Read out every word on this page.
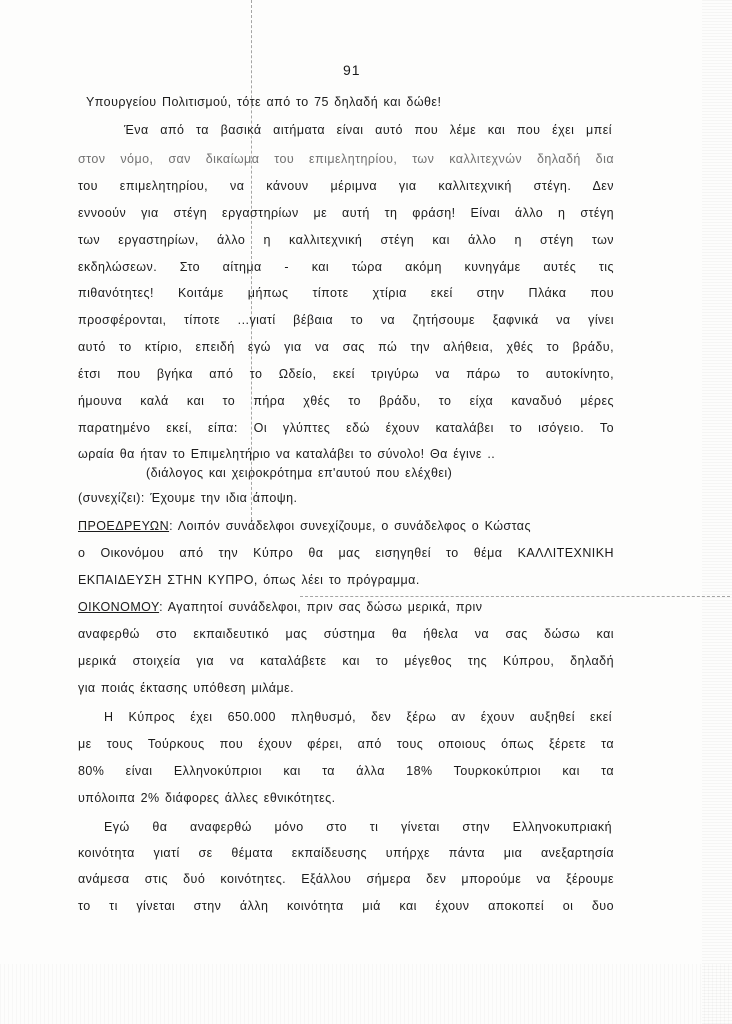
91
Υπουργείου Πολιτισμού, τότε από το 75 δηλαδή και δώθε!
Ένα από τα βασικά αιτήματα είναι αυτό που λέμε και που έχει μπεί
στον νόμο, σαν δικαίωμα του επιμελητηρίου, των καλλιτεχνών δηλαδή δια
του επιμελητηρίου, να κάνουν μέριμνα για καλλιτεχνική στέγη. Δεν
εννοούν για στέγη εργαστηρίων με αυτή τη φράση! Είναι άλλο η στέγη
των εργαστηρίων, άλλο η καλλιτεχνική στέγη και άλλο η στέγη των
εκδηλώσεων. Στο αίτημα - και τώρα ακόμη κυνηγάμε αυτές τις
πιθανότητες! Κοιτάμε μήπως τίποτε χτίρια εκεί στην Πλάκα που
προσφέρονται, τίποτε ...γιατί βέβαια το να ζητήσουμε ξαφνικά να γίνει
αυτό το κτίριο, επειδή εγώ για να σας πώ την αλήθεια, χθές το βράδυ,
έτσι που βγήκα από το Ωδείο, εκεί τριγύρω να πάρω το αυτοκίνητο,
ήμουνα καλά και το πήρα χθές το βράδυ, το είχα καναδυό μέρες
παρατημένο εκεί, είπα: Οι γλύπτες εδώ έχουν καταλάβει το ισόγειο. Το
ωραία θα ήταν το Επιμελητήριο να καταλάβει το σύνολο! Θα έγινε ..
(διάλογος και χειροκρότημα επ'αυτού που ελέχθει)
(συνεχίζει): Έχουμε την ιδια άποψη.
ΠΡΟΕΔΡΕΥΩΝ: Λοιπόν συνάδελφοι συνεχίζουμε, ο συνάδελφος ο Κώστας
ο Οικονόμου από την Κύπρο θα μας εισηγηθεί το θέμα ΚΑΛΛΙΤΕΧΝΙΚΗ
ΕΚΠΑΙΔΕΥΣΗ ΣΤΗΝ ΚΥΠΡΟ, όπως λέει το πρόγραμμα.
ΟΙΚΟΝΟΜΟΥ: Αγαπητοί συνάδελφοι, πριν σας δώσω μερικά, πριν
αναφερθώ στο εκπαιδευτικό μας σύστημα θα ήθελα να σας δώσω και
μερικά στοιχεία για να καταλάβετε και το μέγεθος της Κύπρου, δηλαδή
για ποιάς έκτασης υπόθεση μιλάμε.
Η Κύπρος έχει 650.000 πληθυσμό, δεν ξέρω αν έχουν αυξηθεί εκεί
με τους Τούρκους που έχουν φέρει, από τους οποιους όπως ξέρετε τα
80% είναι Ελληνοκύπριοι και τα άλλα 18% Τουρκοκύπριοι και τα
υπόλοιπα 2% διάφορες άλλες εθνικότητες.
Εγώ θα αναφερθώ μόνο στο τι γίνεται στην Ελληνοκυπριακή
κοινότητα γιατί σε θέματα εκπαίδευσης υπήρχε πάντα μια ανεξαρτησία
ανάμεσα στις δυό κοινότητες. Εξάλλου σήμερα δεν μπορούμε να ξέρουμε
το τι γίνεται στην άλλη κοινότητα μιά και έχουν αποκοπεί οι δυο
